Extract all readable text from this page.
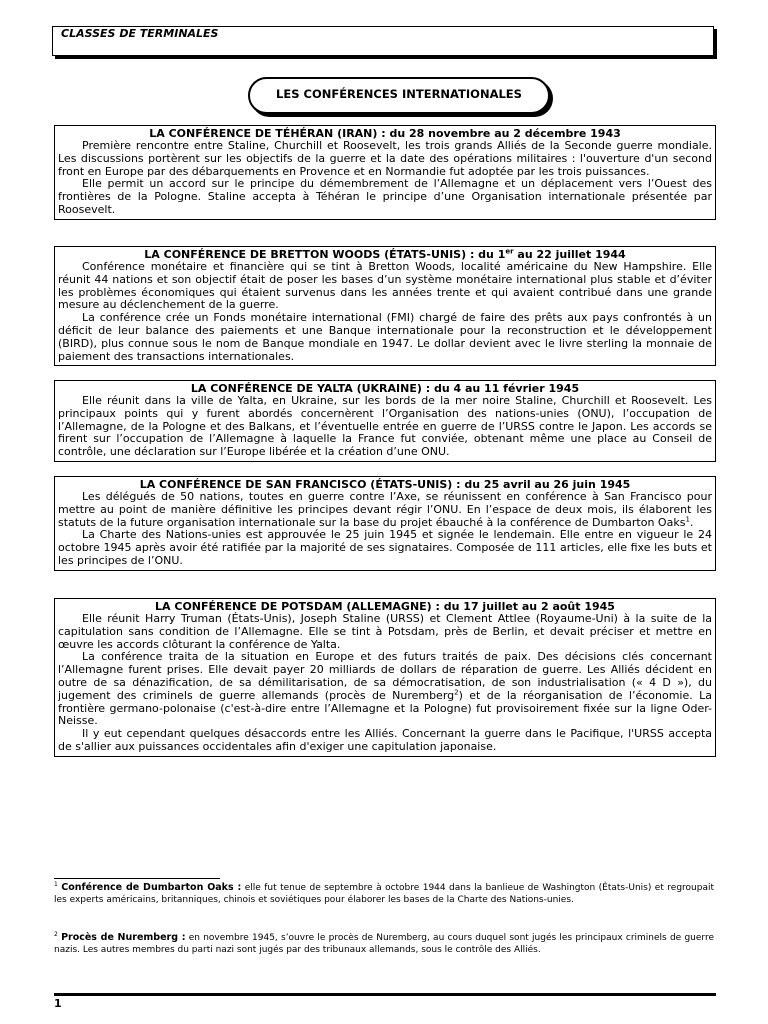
CLASSES DE TERMINALES
LES CONFÉRENCES INTERNATIONALES
LA CONFÉRENCE DE TÉHÉRAN (IRAN) : du 28 novembre au 2 décembre 1943

Première rencontre entre Staline, Churchill et Roosevelt, les trois grands Alliés de la Seconde guerre mondiale. Les discussions portèrent sur les objectifs de la guerre et la date des opérations militaires : l'ouverture d'un second front en Europe par des débarquements en Provence et en Normandie fut adoptée par les trois puissances.

Elle permit un accord sur le principe du démembrement de l’Allemagne et un déplacement vers l’Ouest des frontières de la Pologne. Staline accepta à Téhéran le principe d’une Organisation internationale présentée par Roosevelt.

LA CONFÉRENCE DE BRETTON WOODS (ÉTATS-UNIS) : du 1er au 22 juillet 1944

Conférence monétaire et financière qui se tint à Bretton Woods, localité américaine du New Hampshire. Elle réunit 44 nations et son objectif était de poser les bases d’un système monétaire international plus stable et d’éviter les problèmes économiques qui étaient survenus dans les années trente et qui avaient contribué dans une grande mesure au déclenchement de la guerre.

La conférence crée un Fonds monétaire international (FMI) chargé de faire des prêts aux pays confrontés à un déficit de leur balance des paiements et une Banque internationale pour la reconstruction et le développement (BIRD), plus connue sous le nom de Banque mondiale en 1947. Le dollar devient avec le livre sterling la monnaie de paiement des transactions internationales.

LA CONFÉRENCE DE YALTA (UKRAINE) : du 4 au 11 février 1945

Elle réunit dans la ville de Yalta, en Ukraine, sur les bords de la mer noire Staline, Churchill et Roosevelt. Les principaux points qui y furent abordés concernèrent l’Organisation des nations-unies (ONU), l’occupation de l’Allemagne, de la Pologne et des Balkans, et l’éventuelle entrée en guerre de l’URSS contre le Japon. Les accords se firent sur l’occupation de l’Allemagne à laquelle la France fut conviée, obtenant même une place au Conseil de contrôle, une déclaration sur l’Europe libérée et la création d’une ONU.

LA CONFÉRENCE DE SAN FRANCISCO (ÉTATS-UNIS) : du 25 avril au 26 juin 1945

Les délégués de 50 nations, toutes en guerre contre l’Axe, se réunissent en conférence à San Francisco pour mettre au point de manière définitive les principes devant régir l’ONU. En l’espace de deux mois, ils élaborent les statuts de la future organisation internationale sur la base du projet ébauché à la conférence de Dumbarton Oaks$^1$.

La Charte des Nations-unies est approuvée le 25 juin 1945 et signée le lendemain. Elle entre en vigueur le 24 octobre 1945 après avoir été ratifiée par la majorité de ses signataires. Composée de 111 articles, elle fixe les buts et les principes de l’ONU.

LA CONFÉRENCE DE POTSDAM (ALLEMAGNE) : du 17 juillet au 2 août 1945

Elle réunit Harry Truman (États-Unis), Joseph Staline (URSS) et Clement Attlee (Royaume-Uni) à la suite de la capitulation sans condition de l’Allemagne. Elle se tint à Potsdam, près de Berlin, et devait préciser et mettre en œuvre les accords clôturant la conférence de Yalta.

La conférence traita de la situation en Europe et des futurs traités de paix. Des décisions clés concernant l’Allemagne furent prises. Elle devait payer 20 milliards de dollars de réparation de guerre. Les Alliés décident en outre de sa dénazification, de sa démilitarisation, de sa démocratisation, de son industrialisation (« 4 D »), du jugement des criminels de guerre allemands (procès de Nuremberg$^2$) et de la réorganisation de l’économie. La frontière germano-polonaise (c'est-à-dire entre l’Allemagne et la Pologne) fut provisoirement fixée sur la ligne Oder-Neisse.

Il y eut cependant quelques désaccords entre les Alliés. Concernant la guerre dans le Pacifique, l'URSS accepta de s'allier aux puissances occidentales afin d'exiger une capitulation japonaise.

$^1$ Conférence de Dumbarton Oaks : elle fut tenue de septembre à octobre 1944 dans la banlieue de Washington (États-Unis) et regroupait les experts américains, britanniques, chinois et soviétiques pour élaborer les bases de la Charte des Nations-unies.
$^2$ Procès de Nuremberg : en novembre 1945, s’ouvre le procès de Nuremberg, au cours duquel sont jugés les principaux criminels de guerre nazis. Les autres membres du parti nazi sont jugés par des tribunaux allemands, sous le contrôle des Alliés.
1
